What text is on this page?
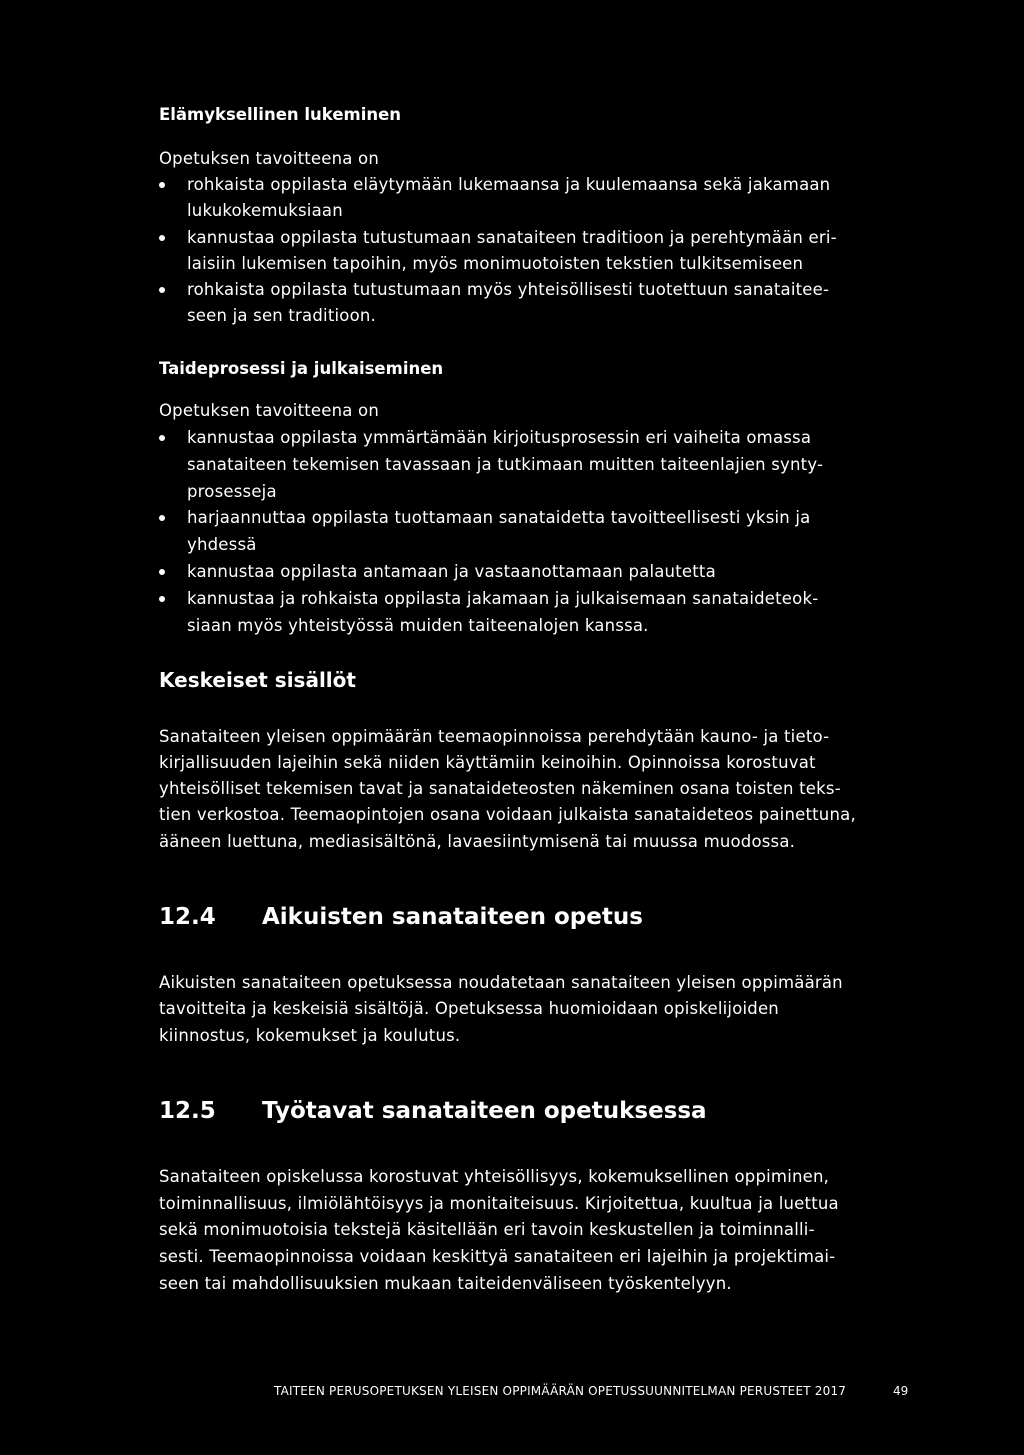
Elämyksellinen lukeminen
Opetuksen tavoitteena on
rohkaista oppilasta eläytymään lukemaansa ja kuulemaansa sekä jakamaan
lukukokemuksiaan
kannustaa oppilasta tutustumaan sanataiteen traditioon ja perehtymään eri-
laisiin lukemisen tapoihin, myös monimuotoisten tekstien tulkitsemiseen
rohkaista oppilasta tutustumaan myös yhteisöllisesti tuotettuun sanataitee-
seen ja sen traditioon.
Taideprosessi ja julkaiseminen
Opetuksen tavoitteena on
kannustaa oppilasta ymmärtämään kirjoitusprosessin eri vaiheita omassa
sanataiteen tekemisen tavassaan ja tutkimaan muitten taiteenlajien synty-
prosesseja
harjaannuttaa oppilasta tuottamaan sanataidetta tavoitteellisesti yksin ja
yhdessä
kannustaa oppilasta antamaan ja vastaanottamaan palautetta
kannustaa ja rohkaista oppilasta jakamaan ja julkaisemaan sanataideteok-
siaan myös yhteistyössä muiden taiteenalojen kanssa.
Keskeiset sisällöt
Sanataiteen yleisen oppimäärän teemaopinnoissa perehdytään kauno- ja tieto-
kirjallisuuden lajeihin sekä niiden käyttämiin keinoihin. Opinnoissa korostuvat
yhteisölliset tekemisen tavat ja sanataideteosten näkeminen osana toisten teks-
tien verkostoa. Teemaopintojen osana voidaan julkaista sanataideteos painettuna,
ääneen luettuna, mediasisältönä, lavaesiintymisenä tai muussa muodossa.
12.4 Aikuisten sanataiteen opetus
Aikuisten sanataiteen opetuksessa noudatetaan sanataiteen yleisen oppimäärän
tavoitteita ja keskeisiä sisältöjä. Opetuksessa huomioidaan opiskelijoiden
kiinnostus, kokemukset ja koulutus.
12.5 Työtavat sanataiteen opetuksessa
Sanataiteen opiskelussa korostuvat yhteisöllisyys, kokemuksellinen oppiminen,
toiminnallisuus, ilmiölähtöisyys ja monitaiteisuus. Kirjoitettua, kuultua ja luettua
sekä monimuotoisia tekstejä käsitellään eri tavoin keskustellen ja toiminnalli-
sesti. Teemaopinnoissa voidaan keskittyä sanataiteen eri lajeihin ja projektimai-
seen tai mahdollisuuksien mukaan taiteidenväliseen työskentelyyn.
TAITEEN PERUSOPETUKSEN YLEISEN OPPIMÄÄRÄN OPETUSSUUNNITELMAN PERUSTEET 2017	49
